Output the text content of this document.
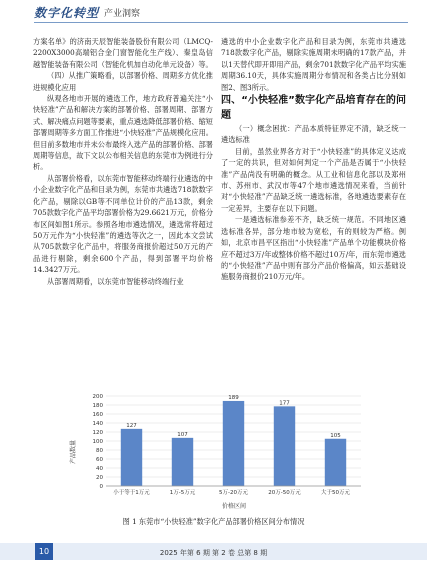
数字化转型 产业洞察

方案名单》的济南天辰智能装备股份有限公司（LMCQ-2200X3000高端铝合金门窗智能化生产线）、秦皇岛信越智能装备有限公司（智能化机加自动化单元设备）等。

（四）从推广策略看，以部署价格、周期多方优化推进规模化应用

纵观各地市开展的遴选工作，地方政府普遍关注“小快轻准”产品和解决方案的部署价格、部署周期、部署方式、解决痛点问题等要素，重点遴选降低部署价格、缩短部署周期等多方面工作推进“小快轻准”产品规模化应用。但目前多数地市并未公布最终入选产品的部署价格、部署周期等信息，故下文以公布相关信息的东莞市为例进行分析。

从部署价格看，以东莞市智能移动终端行业遴选的中小企业数字化产品和目录为例，东莞市共遴选718款数字化产品，剔除以GB等不同单位计价的产品13款，剩余705款数字化产品平均部署价格为29.6621万元，价格分布区间如图1所示。参照各地市遴选情况，遴选常将超过50万元作为“小快轻准”的遴选等次之一，因此本文尝试从705款数字化产品中，将服务商报价超过50万元的产品进行剔除，剩余600个产品，得到部署平均价格14.3427万元。

从部署周期看，以东莞市智能移动终端行业

遴选的中小企业数字化产品和目录为例，东莞市共遴选718款数字化产品，剔除实施周期未明确的17款产品，并以1天替代即开即用产品，剩余701款数字化产品平均实施周期36.10天，具体实施周期分布情况和各类占比分别如图2、图3所示。

四、“小快轻准”数字化产品培育存在的问题

（一）概念困扰：产品本质特征界定不清，缺乏统一遴选标准

目前，虽然业界各方对于“小快轻准”的具体定义达成了一定的共识，但对如何判定一个产品是否属于“小快轻准”产品尚没有明确的概念。从工业和信息化部以及郑州市、苏州市、武汉市等47个地市遴选情况来看，当前针对“小快轻准”产品缺乏统一遴选标准，各地遴选要素存在一定差异，主要存在以下问题。

一是遴选标准参差不齐，缺乏统一规范。不同地区遴选标准各异，部分地市较为宽松，有的则较为严格。例如，北京市昌平区指出“小快轻准”产品单个功能模块价格应不超过3万/年或整体价格不超过10万/年，而东莞市遴选的“小快轻准”产品中则有部分产品价格偏高，如云基础设施服务商报价210万元/年。

产品数量
价格区间
0
20
40
60
80
100
120
140
160
180
200
127
小于等于1万元
107
1万-5万元
189
5万-20万元
177
20万-50万元
105
大于50万元
图 1 东莞市“小快轻准”数字化产品部署价格区间分布情况
10	2025 年第 6 期 第 2 卷 总第 8 期
